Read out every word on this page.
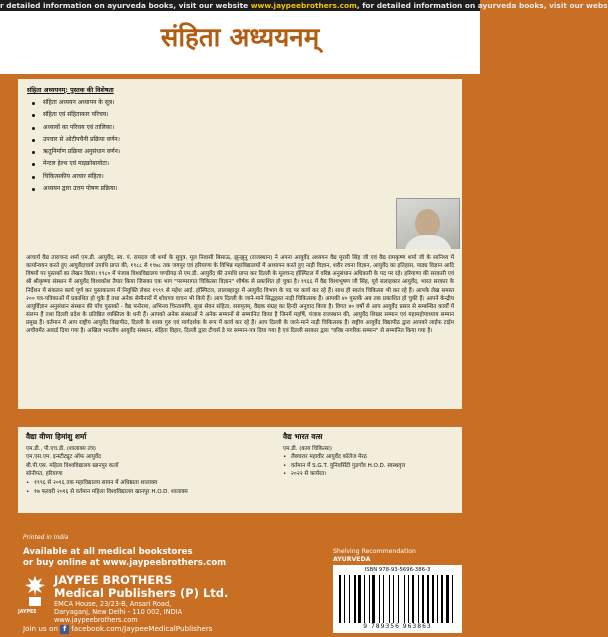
r detailed information on ayurveda books, visit our website www.jaypeebrothers.com, for detailed information on ayurveda books, visit our webs
संहिता अध्ययनम्
संहिता अध्ययनम्: पुस्तक की विशेषता
संहिता अध्ययन अध्यापन के सूत्र।
संहिता एवं संहिताकार परिचय।
अध्यायों का परिचय एवं तालिका।
उपचार से ओटीपचैनी प्रक्रिया वर्णन।
ऋतुनिर्माण प्रक्रिया अनुसंधान वर्णन।
मेन्टल हेल्थ एवं माइक्रोबायोटा।
चिकित्सकीय आचार संहिता।
अध्ययन द्वारा उत्तम पोषण प्रक्रिया।
आचार्य वैद्य ताराचन्द शर्मा एम.डी. आयुर्वेद, स्व. पं. रामदत्त जी शर्मा के सुपुत्र, मूल निवासी बिसाऊ, झुन्झुनू (राजस्थान) ने अपना आयुर्वेद अध्ययन वैद्य मुरारी सिंह जी एवं वैद्य रामकृष्ण शर्मा जी के सानिध्य में कार्यान्वयन करते हुए आयुर्वेदाचार्य उपाधि प्राप्त की, १९८८ से १९७८ तक जयपुर एवं हरियाणा के विभिन्न महाविद्यालयों में अध्यापन करते हुए नाड़ी विज्ञान, शरीर रचना विज्ञान, आयुर्वेद का इतिहास, पाठ्य विज्ञान आदि विषयों पर पुस्तकों का लेखन किया। १९८० में पंजाब विश्वविद्यालय चण्डीगढ़ से एम.डी. आयुर्वेद की उपाधि प्राप्त कर दिल्ली के मूलचन्द हॉस्पिटल में वरिष्ठ अनुसंधान अधिकारी के पद पर रहे। हरियाणा की सरकारी एवं श्री श्रीकृष्णा संस्थान में आयुर्वेद विश्वकोश तैयार किया जिसका एक भाग "परम्परागत चिकित्सा विज्ञान" शीर्षक से प्रकाशित हो चुका है। १९६६ में वैद्य विश्वभूषण जी सिंह, पूर्व सलाहकार आयुर्वेद, भारत सरकार के निर्देशन में संकलन कार्य पूर्ण कर पुस्तकालय में नियुक्ति लेकर १९९९ से महेश आई. हॉस्पिटल, लालबहादुर में आयुर्वेद विभाग के पद पर कार्य कर रहे हैं। साथ ही स्वतंत्र चिकित्सा भी कर रहे हैं। आपके लेख समस्त २०० पत्र-पत्रिकाओं में प्रकाशित हो चुके हैं तथा अनेक सेमीनारों में शोधपत्र वाचन भी किये हैं। आप दिल्ली के जाने-माने सिद्धहस्त नाड़ी चिकित्सक हैं। आपकी ४० पुस्तकें अब तक प्रकाशित हो चुकी हैं। आपने केन्द्रीय आयुर्विज्ञान अनुसंधान संस्थान की पाँच पुस्तकों - वैद्य मनोरमा, अभिनव चिन्तामणि, सुधा सेवन संहिता, रसामृतम्, वैद्यक संग्रह का हिन्दी अनुवाद किया है। विगत ४० वर्षों से आप आयुर्वेद प्रसार से सम्बन्धित कार्यों में संलग्न हैं तथा दिल्ली प्रदेश के प्रतिष्ठित व्यक्तित्व के धनी हैं। आपको अनेक संस्थाओं ने अनेक सम्मानों से सम्मानित किया है जिनमें महर्षि, पंजाब राजस्थान की, आयुर्वेद शिखर सम्मान एवं महामहोपाध्याय सम्मान प्रमुख हैं। वर्तमान में आप राष्ट्रीय आयुर्वेद विद्यापीठ, दिल्ली के शास्त्र गुरु एवं मार्गदर्शक के रूप में कार्य कर रहे हैं। आप दिल्ली के जाने-माने नाड़ी चिकित्सक हैं। राष्ट्रीय आयुर्वेद विद्यापीठ द्वारा आपको लाईफ टाईम अचीवमेंट अवार्ड दिया गया है। अखिल भारतीय आयुर्वेद संस्थान, संहिता विहार, दिल्ली द्वारा टीचर्स डे पर सम्मान-पत्र दिया गया है एवं दिल्ली सरकार द्वारा "वरिष्ठ नागरिक सम्मान" से सम्मानित किया गया है।
वैद्या वीणा हिमांशु शर्मा
एम.डी., पी.एच.डी. (शालाक्य तंत्र)
एम.एस.एम. इन्स्टीट्यूट ऑफ आयुर्वेद
बी.पी.एस. महिला विश्वविद्यालय खानपुर कलाँ
सोनीपत, हरियाणा
• १९९६ से २०१६ तक महाविद्यालय सायन में अधिष्ठाता शालाक्य
• १७ फरवरी २०१६ से वर्तमान महिला विश्वविद्यालय खानपुर H.O.D. शालाक्य
वैद्य भारत वत्स
एम.डी. (काय चिकित्सा)
• लैक्चरार महावीर आयुर्वेद कॉलेज मेरठ
• वर्तमान में S.G.T. युनिवर्सिटी गुडगाँव H.O.D. स्वस्थवृत्त
• २०२२ से कार्यरत।
Printed in India
Available at all medical bookstores
or buy online at www.jaypeebrothers.com
JAYPEE
JAYPEE BROTHERS
Medical Publishers (P) Ltd.
EMCA House, 23/23-B, Ansari Road,
Daryaganj, New Delhi - 110 002, INDIA
www.jaypeebrothers.com
Join us on f facebook.com/JaypeeMedicalPublishers
Shelving Recommendation
AYURVEDA
ISBN 978-93-5696-386-3
9 789356 963863
